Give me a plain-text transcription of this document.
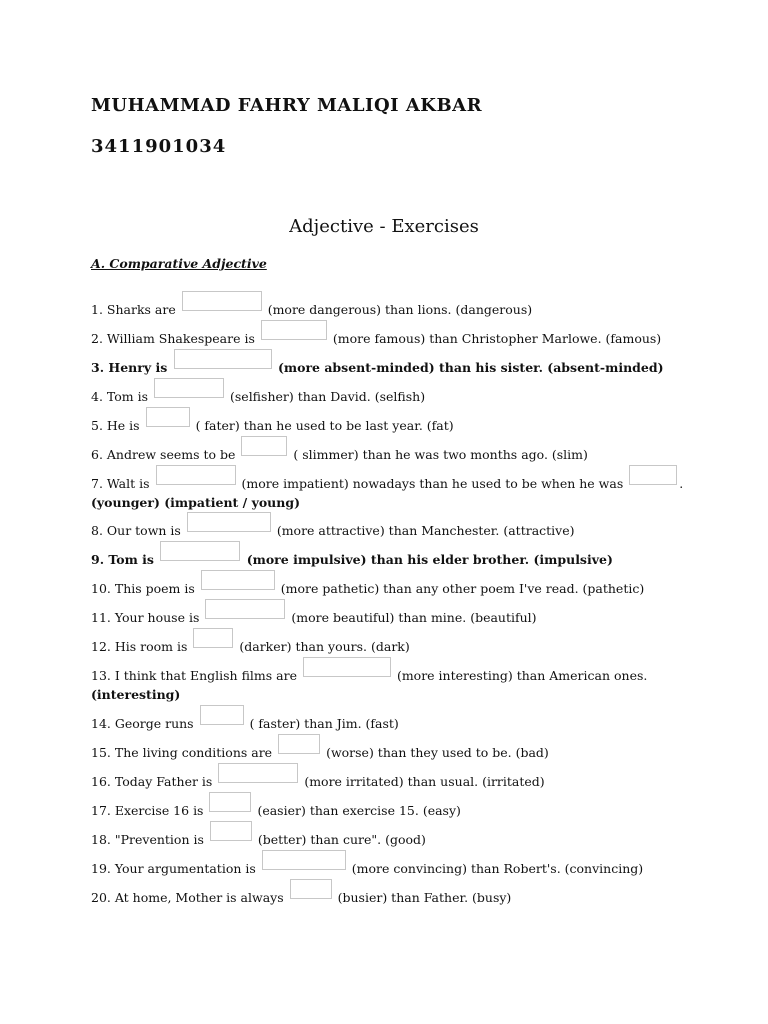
MUHAMMAD FAHRY MALIQI AKBAR

3411901034

Adjective - Exercises
A. Comparative Adjective
1. Sharks are	(more dangerous) than lions. (dangerous)
2. William Shakespeare is	(more famous) than Christopher Marlowe. (famous)
3. Henry is	(more absent-minded) than his sister. (absent-minded)
4. Tom is	(selfisher) than David. (selfish)
5. He is	( fater) than he used to be last year. (fat)
6. Andrew seems to be	( slimmer) than he was two months ago. (slim)
7. Walt is	(more impatient) nowadays than he used to be when he was	.
(younger) (impatient / young)
8. Our town is	(more attractive) than Manchester. (attractive)
9. Tom is	(more impulsive) than his elder brother. (impulsive)
10. This poem is	(more pathetic) than any other poem I've read. (pathetic)
11. Your house is	(more beautiful) than mine. (beautiful)
12. His room is	(darker) than yours. (dark)
13. I think that English films are	(more interesting) than American ones.
(interesting)
14. George runs	( faster) than Jim. (fast)
15. The living conditions are	(worse) than they used to be. (bad)
16. Today Father is	(more irritated) than usual. (irritated)
17. Exercise 16 is	(easier) than exercise 15. (easy)
18. "Prevention is	(better) than cure". (good)
19. Your argumentation is	(more convincing) than Robert's. (convincing)
20. At home, Mother is always	(busier) than Father. (busy)
